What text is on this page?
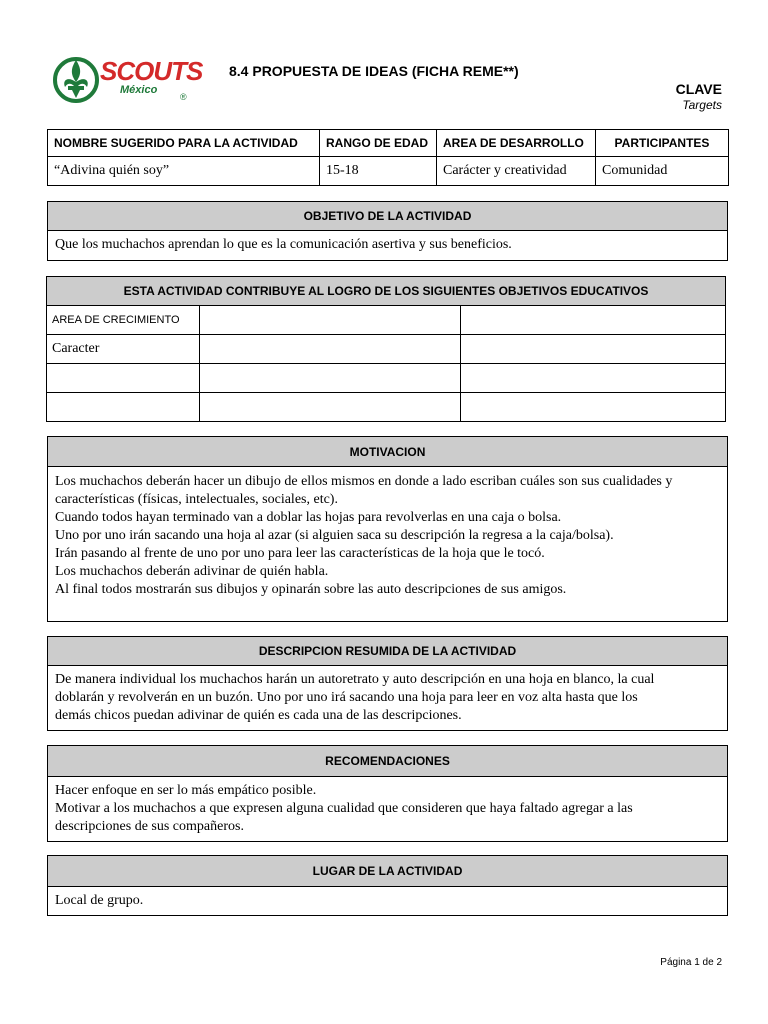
SCOUTS
México
®
8.4 PROPUESTA DE IDEAS (FICHA REME**)
CLAVE
Targets
NOMBRE SUGERIDO PARA LA ACTIVIDAD	RANGO DE EDAD	AREA DE DESARROLLO	PARTICIPANTES
“Adivina quién soy”	15-18	Carácter y creatividad	Comunidad
OBJETIVO DE LA ACTIVIDAD
Que los muchachos aprendan lo que es la comunicación asertiva y sus beneficios.
ESTA ACTIVIDAD CONTRIBUYE AL LOGRO DE LOS SIGUIENTES OBJETIVOS EDUCATIVOS		
AREA DE CRECIMIENTO		
Caracter		

MOTIVACION
Los muchachos deberán hacer un dibujo de ellos mismos en donde a lado escriban cuáles son sus cualidades y
características (físicas, intelectuales, sociales, etc).
Cuando todos hayan terminado van a doblar las hojas para revolverlas en una caja o bolsa.
Uno por uno irán sacando una hoja al azar (si alguien saca su descripción la regresa a la caja/bolsa).
Irán pasando al frente de uno por uno para leer las características de la hoja que le tocó.
Los muchachos deberán adivinar de quién habla.
Al final todos mostrarán sus dibujos y opinarán sobre las auto descripciones de sus amigos.
DESCRIPCION RESUMIDA DE LA ACTIVIDAD
De manera individual los muchachos harán un autoretrato y auto descripción en una hoja en blanco, la cual
doblarán y revolverán en un buzón. Uno por uno irá sacando una hoja para leer en voz alta hasta que los
demás chicos puedan adivinar de quién es cada una de las descripciones.
RECOMENDACIONES
Hacer enfoque en ser lo más empático posible.
Motivar a los muchachos a que expresen alguna cualidad que consideren que haya faltado agregar a las
descripciones de sus compañeros.
LUGAR DE LA ACTIVIDAD
Local de grupo.
Página 1 de 2
